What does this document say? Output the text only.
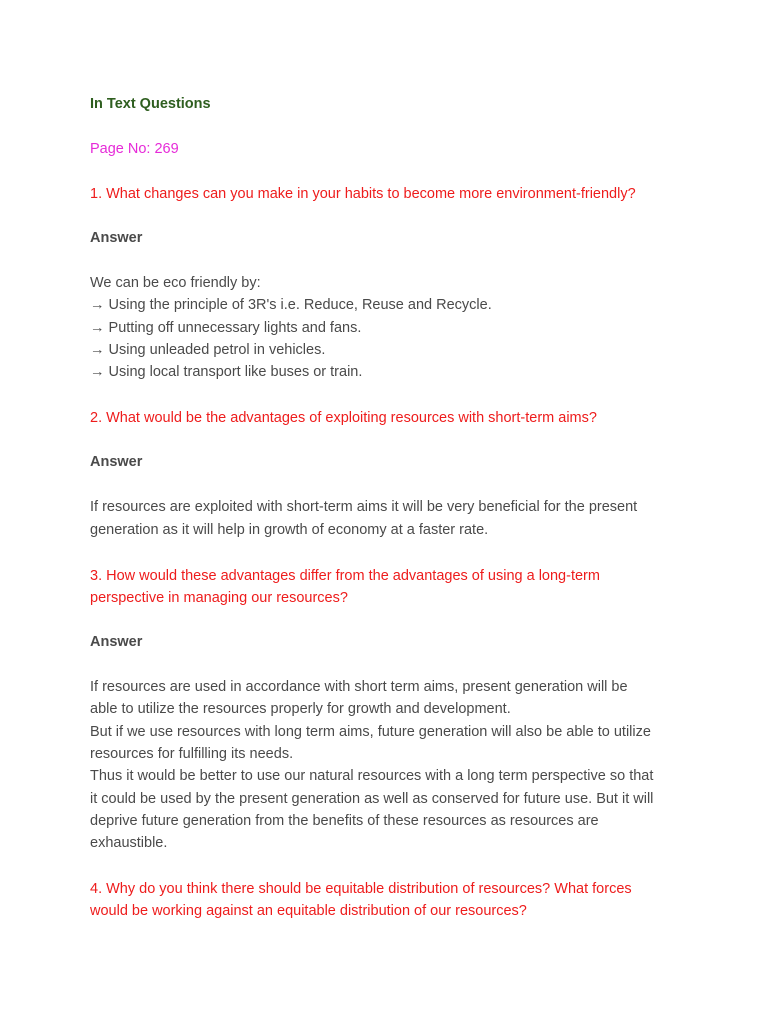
In Text Questions

Page No: 269

1. What changes can you make in your habits to become more environment-friendly?

Answer

We can be eco friendly by:
→ Using the principle of 3R's i.e. Reduce, Reuse and Recycle.
→ Putting off unnecessary lights and fans.
→ Using unleaded petrol in vehicles.
→ Using local transport like buses or train.

2. What would be the advantages of exploiting resources with short-term aims?

Answer

If resources are exploited with short-term aims it will be very beneficial for the present
generation as it will help in growth of economy at a faster rate.

3. How would these advantages differ from the advantages of using a long-term
perspective in managing our resources?

Answer

If resources are used in accordance with short term aims, present generation will be
able to utilize the resources properly for growth and development.
But if we use resources with long term aims, future generation will also be able to utilize
resources for fulfilling its needs.
Thus it would be better to use our natural resources with a long term perspective so that
it could be used by the present generation as well as conserved for future use. But it will
deprive future generation from the benefits of these resources as resources are
exhaustible.

4. Why do you think there should be equitable distribution of resources? What forces
would be working against an equitable distribution of our resources?
